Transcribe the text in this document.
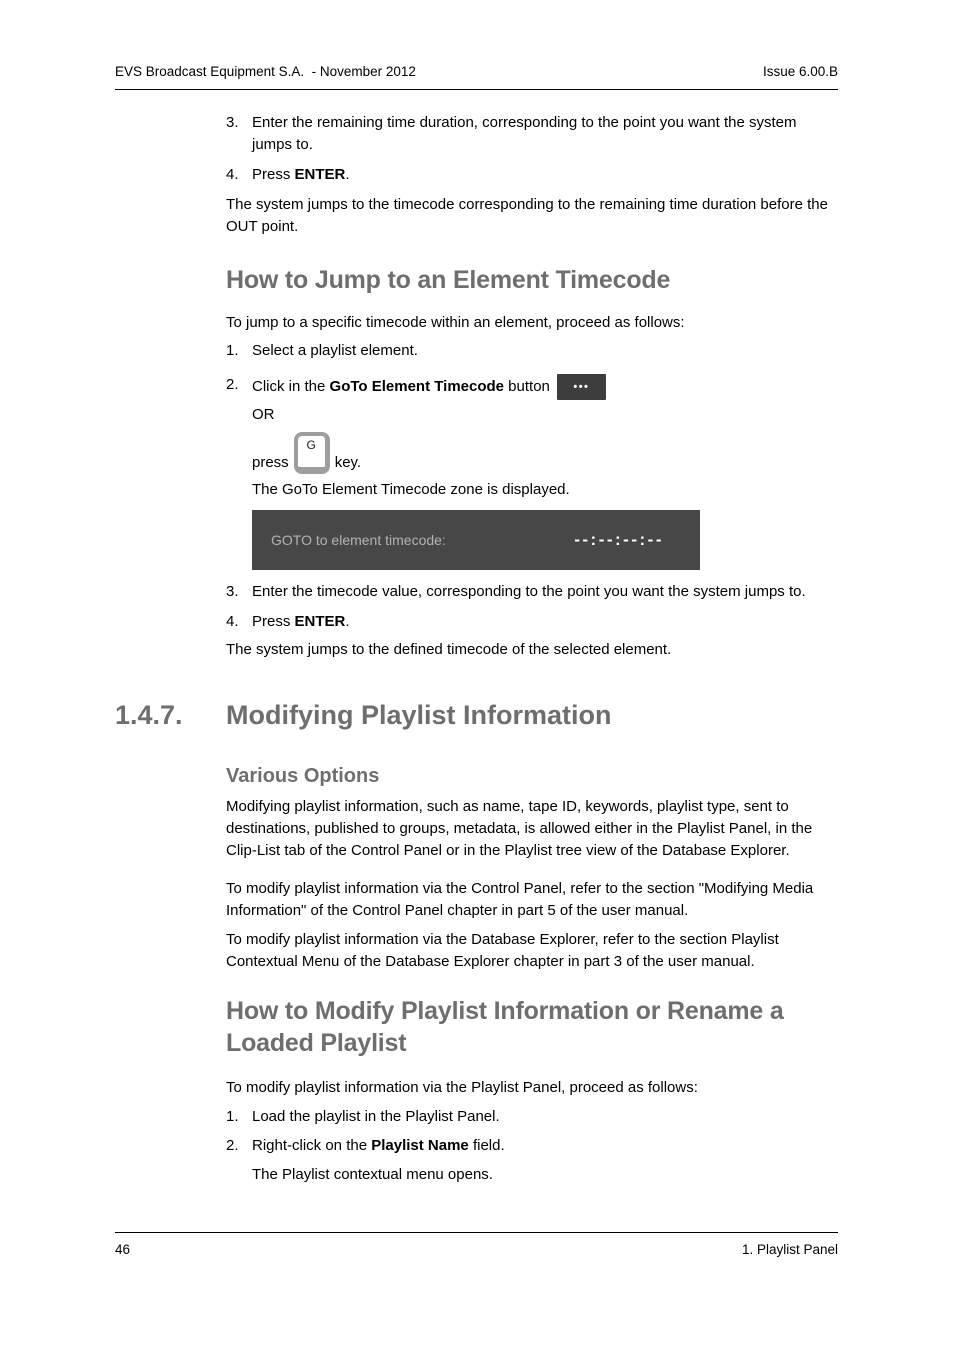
EVS Broadcast Equipment S.A.  - November 2012	Issue 6.00.B
3. Enter the remaining time duration, corresponding to the point you want the system jumps to.
4. Press ENTER.

The system jumps to the timecode corresponding to the remaining time duration before the OUT point.

How to Jump to an Element Timecode

To jump to a specific timecode within an element, proceed as follows:

1. Select a playlist element.
2. Click in the GoTo Element Timecode button •••
OR
press
G
key.
The GoTo Element Timecode zone is displayed.
GOTO to element timecode:	--:--:--:--
3. Enter the timecode value, corresponding to the point you want the system jumps to.
4. Press ENTER.

The system jumps to the defined timecode of the selected element.

1.4.7.	Modifying Playlist Information
Various Options

Modifying playlist information, such as name, tape ID, keywords, playlist type, sent to destinations, published to groups, metadata, is allowed either in the Playlist Panel, in the Clip-List tab of the Control Panel or in the Playlist tree view of the Database Explorer.

To modify playlist information via the Control Panel, refer to the section "Modifying Media Information" of the Control Panel chapter in part 5 of the user manual.

To modify playlist information via the Database Explorer, refer to the section Playlist Contextual Menu of the Database Explorer chapter in part 3 of the user manual.

How to Modify Playlist Information or Rename a Loaded Playlist

To modify playlist information via the Playlist Panel, proceed as follows:

1. Load the playlist in the Playlist Panel.
2. Right-click on the Playlist Name field.
The Playlist contextual menu opens.
46	1. Playlist Panel
